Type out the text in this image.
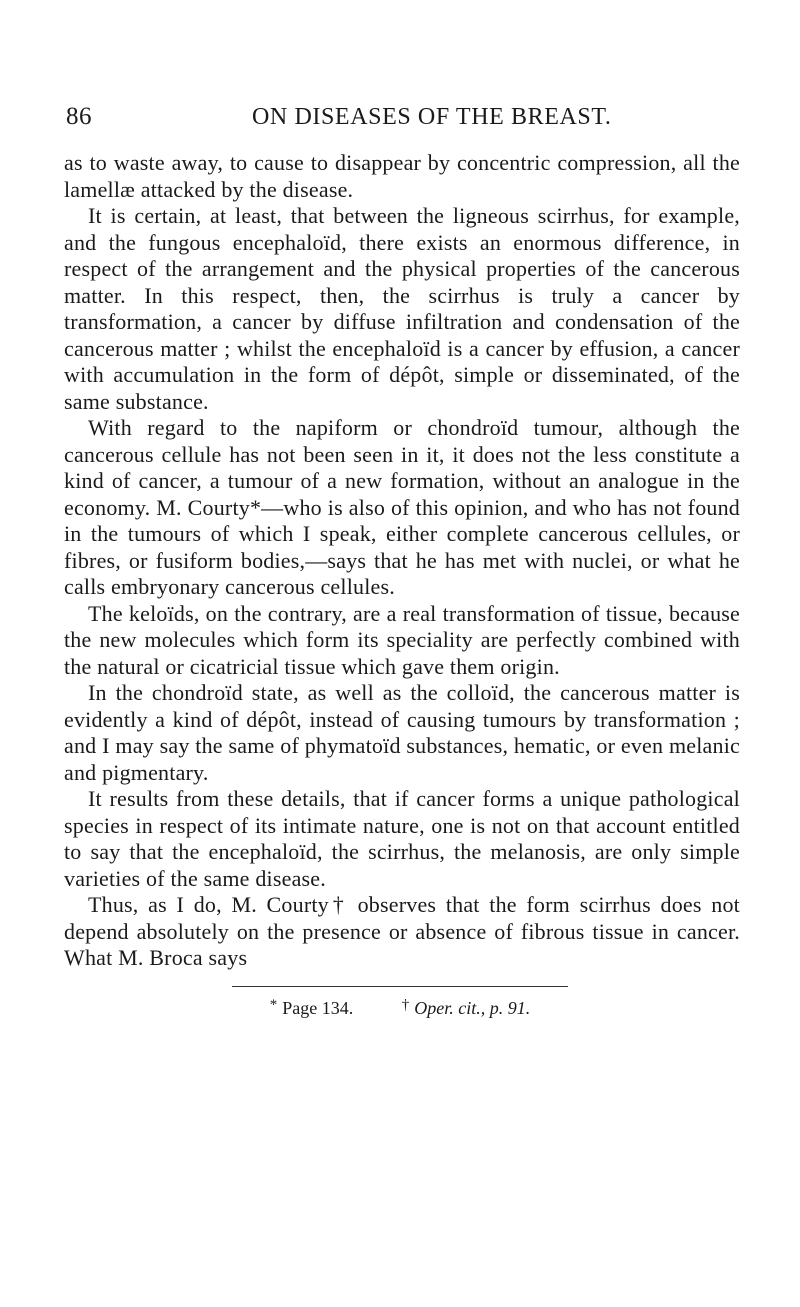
86	ON DISEASES OF THE BREAST.

as to waste away, to cause to disappear by concentric compression, all the lamellæ attacked by the disease.

It is certain, at least, that between the ligneous scirrhus, for example, and the fungous encephaloïd, there exists an enormous difference, in respect of the arrangement and the physical properties of the cancerous matter. In this respect, then, the scirrhus is truly a cancer by transformation, a cancer by diffuse infiltration and condensation of the cancerous matter ; whilst the encephaloïd is a cancer by effusion, a cancer with accumulation in the form of dépôt, simple or disseminated, of the same substance.

With regard to the napiform or chondroïd tumour, although the cancerous cellule has not been seen in it, it does not the less constitute a kind of cancer, a tumour of a new formation, without an analogue in the economy. M. Courty*—who is also of this opinion, and who has not found in the tumours of which I speak, either complete cancerous cellules, or fibres, or fusiform bodies,—says that he has met with nuclei, or what he calls embryonary cancerous cellules.

The keloïds, on the contrary, are a real transformation of tissue, because the new molecules which form its speciality are perfectly combined with the natural or cicatricial tissue which gave them origin.

In the chondroïd state, as well as the colloïd, the cancerous matter is evidently a kind of dépôt, instead of causing tumours by transformation ; and I may say the same of phymatoïd substances, hematic, or even melanic and pigmentary.

It results from these details, that if cancer forms a unique pathological species in respect of its intimate nature, one is not on that account entitled to say that the encephaloïd, the scirrhus, the melanosis, are only simple varieties of the same disease.

Thus, as I do, M. Courty† observes that the form scirrhus does not depend absolutely on the presence or absence of fibrous tissue in cancer. What M. Broca says

* Page 134.	† Oper. cit., p. 91.
